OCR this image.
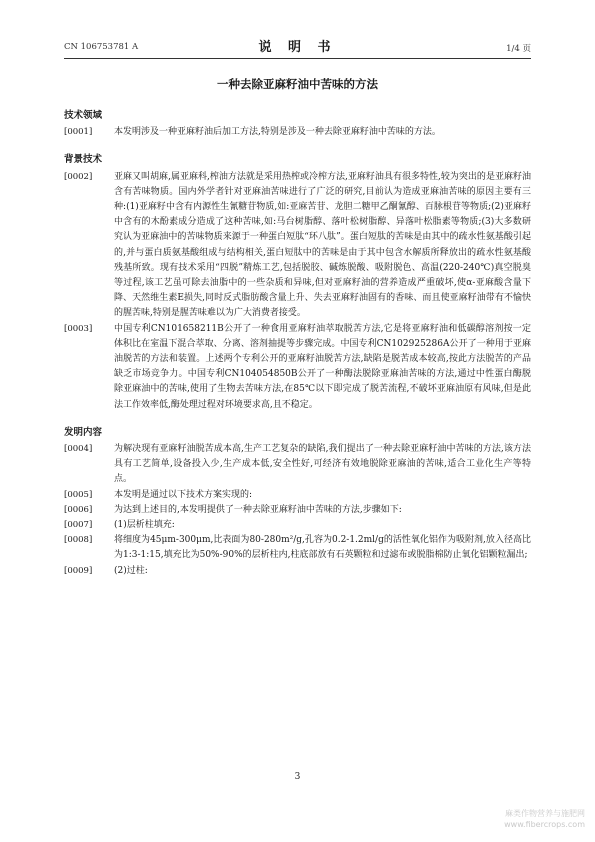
CN 106753781 A	说 明 书	1/4 页
一种去除亚麻籽油中苦味的方法
技术领域
[0001]	本发明涉及一种亚麻籽油后加工方法,特别是涉及一种去除亚麻籽油中苦味的方法。
背景技术
[0002]	亚麻又叫胡麻,属亚麻科,榨油方法就是采用热榨或冷榨方法,亚麻籽油具有很多特性,较为突出的是亚麻籽油含有苦味物质。国内外学者针对亚麻油苦味进行了广泛的研究,目前认为造成亚麻油苦味的原因主要有三种:(1)亚麻籽中含有内源性生氰糖苷物质,如:亚麻苦苷、龙胆二糖甲乙酮氰醇、百脉根苷等物质;(2)亚麻籽中含有的木酚素成分造成了这种苦味,如:马台树脂醇、落叶松树脂醇、异落叶松脂素等物质;(3)大多数研究认为亚麻油中的苦味物质来源于一种蛋白短肽“环八肽”。蛋白短肽的苦味是由其中的疏水性氨基酸引起的,并与蛋白质氨基酸组成与结构相关,蛋白短肽中的苦味是由于其中包含水解质所释放出的疏水性氨基酸残基所致。现有技术采用“四脱”精炼工艺,包括脱胶、碱炼脱酸、吸附脱色、高温(220-240℃)真空脱臭等过程,该工艺虽可除去油脂中的一些杂质和异味,但对亚麻籽油的营养造成严重破坏,使α-亚麻酸含量下降、天然维生素E损失,同时反式脂肪酸含量上升、失去亚麻籽油固有的香味、而且使亚麻籽油带有不愉快的腥苦味,特别是腥苦味难以为广大消费者接受。
[0003]	中国专利CN101658211B公开了一种食用亚麻籽油萃取脱苦方法,它是将亚麻籽油和低碳醇溶剂按一定体积比在室温下混合萃取、分离、溶剂抽提等步骤完成。中国专利CN102925286A公开了一种用于亚麻油脱苦的方法和装置。上述两个专利公开的亚麻籽油脱苦方法,缺陷是脱苦成本较高,按此方法脱苦的产品缺乏市场竞争力。中国专利CN104054850B公开了一种酶法脱除亚麻油苦味的方法,通过中性蛋白酶脱除亚麻油中的苦味,使用了生物去苦味方法,在85℃以下即完成了脱苦流程,不破坏亚麻油原有风味,但是此法工作效率低,酶处理过程对环境要求高,且不稳定。
发明内容
[0004]	为解决现有亚麻籽油脱苦成本高,生产工艺复杂的缺陷,我们提出了一种去除亚麻籽油中苦味的方法,该方法具有工艺简单,设备投入少,生产成本低,安全性好,可经济有效地脱除亚麻油的苦味,适合工业化生产等特点。
[0005]	本发明是通过以下技术方案实现的:
[0006]	为达到上述目的,本发明提供了一种去除亚麻籽油中苦味的方法,步骤如下:
[0007]	(1)层析柱填充:
[0008]	将细度为45μm-300μm,比表面为80-280m²/g,孔容为0.2-1.2ml/g的活性氧化铝作为吸附剂,放入径高比为1:3-1:15,填充比为50%-90%的层析柱内,柱底部放有石英颗粒和过滤布或脱脂棉防止氧化铝颗粒漏出;
[0009]	(2)过柱:
3
麻类作物营养与施肥网
www.fibercrops.com
